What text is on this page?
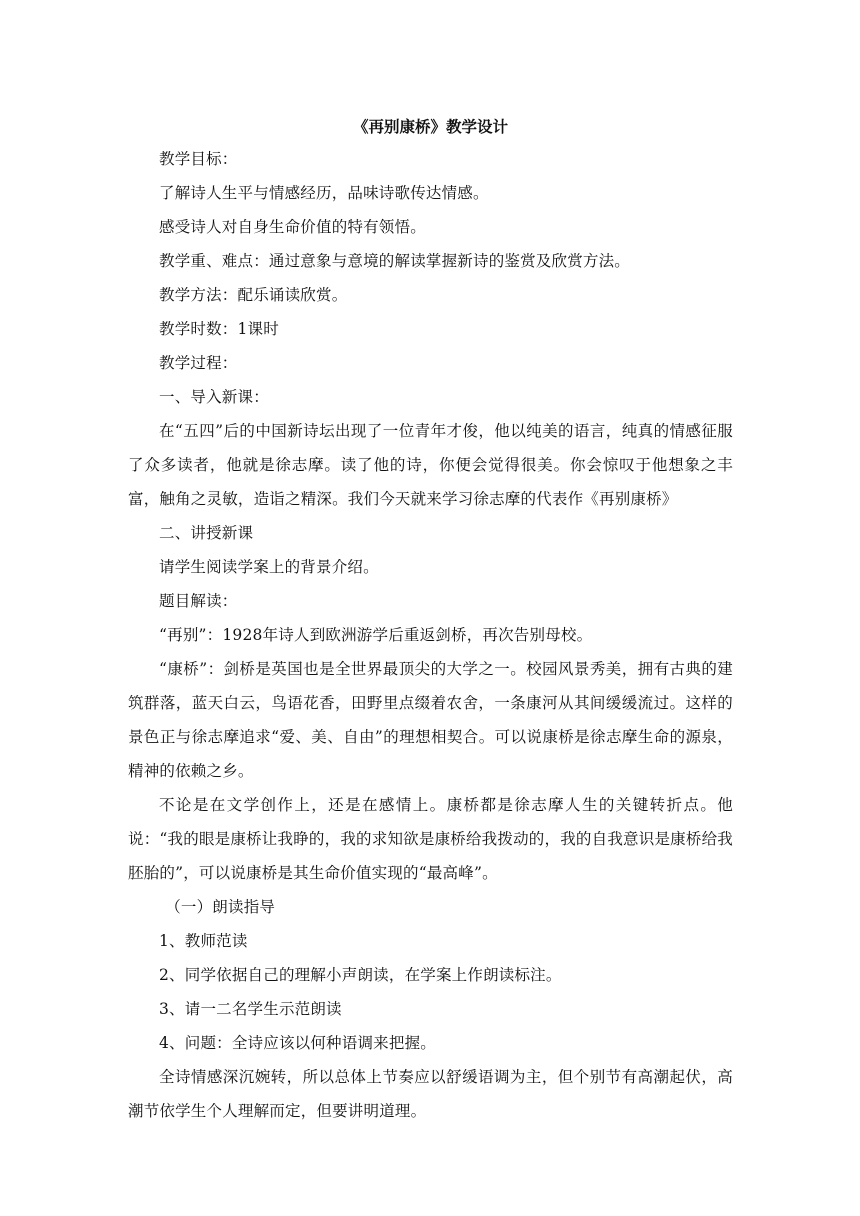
《再别康桥》教学设计

教学目标：

了解诗人生平与情感经历，品味诗歌传达情感。

感受诗人对自身生命价值的特有领悟。

教学重、难点：通过意象与意境的解读掌握新诗的鉴赏及欣赏方法。

教学方法：配乐诵读欣赏。

教学时数：1课时

教学过程：

一、导入新课：

在“五四”后的中国新诗坛出现了一位青年才俊，他以纯美的语言，纯真的情感征服了众多读者，他就是徐志摩。读了他的诗，你便会觉得很美。你会惊叹于他想象之丰富，触角之灵敏，造诣之精深。我们今天就来学习徐志摩的代表作《再别康桥》

二、讲授新课

请学生阅读学案上的背景介绍。

题目解读：

“再别”：1928年诗人到欧洲游学后重返剑桥，再次告别母校。

“康桥”：剑桥是英国也是全世界最顶尖的大学之一。校园风景秀美，拥有古典的建筑群落，蓝天白云，鸟语花香，田野里点缀着农舍，一条康河从其间缓缓流过。这样的景色正与徐志摩追求“爱、美、自由”的理想相契合。可以说康桥是徐志摩生命的源泉，精神的依赖之乡。

不论是在文学创作上，还是在感情上。康桥都是徐志摩人生的关键转折点。他说：“我的眼是康桥让我睁的，我的求知欲是康桥给我拨动的，我的自我意识是康桥给我胚胎的”，可以说康桥是其生命价值实现的“最高峰”。

（一）朗读指导

1、教师范读

2、同学依据自己的理解小声朗读，在学案上作朗读标注。

3、请一二名学生示范朗读

4、问题：全诗应该以何种语调来把握。

全诗情感深沉婉转，所以总体上节奏应以舒缓语调为主，但个别节有高潮起伏，高潮节依学生个人理解而定，但要讲明道理。
